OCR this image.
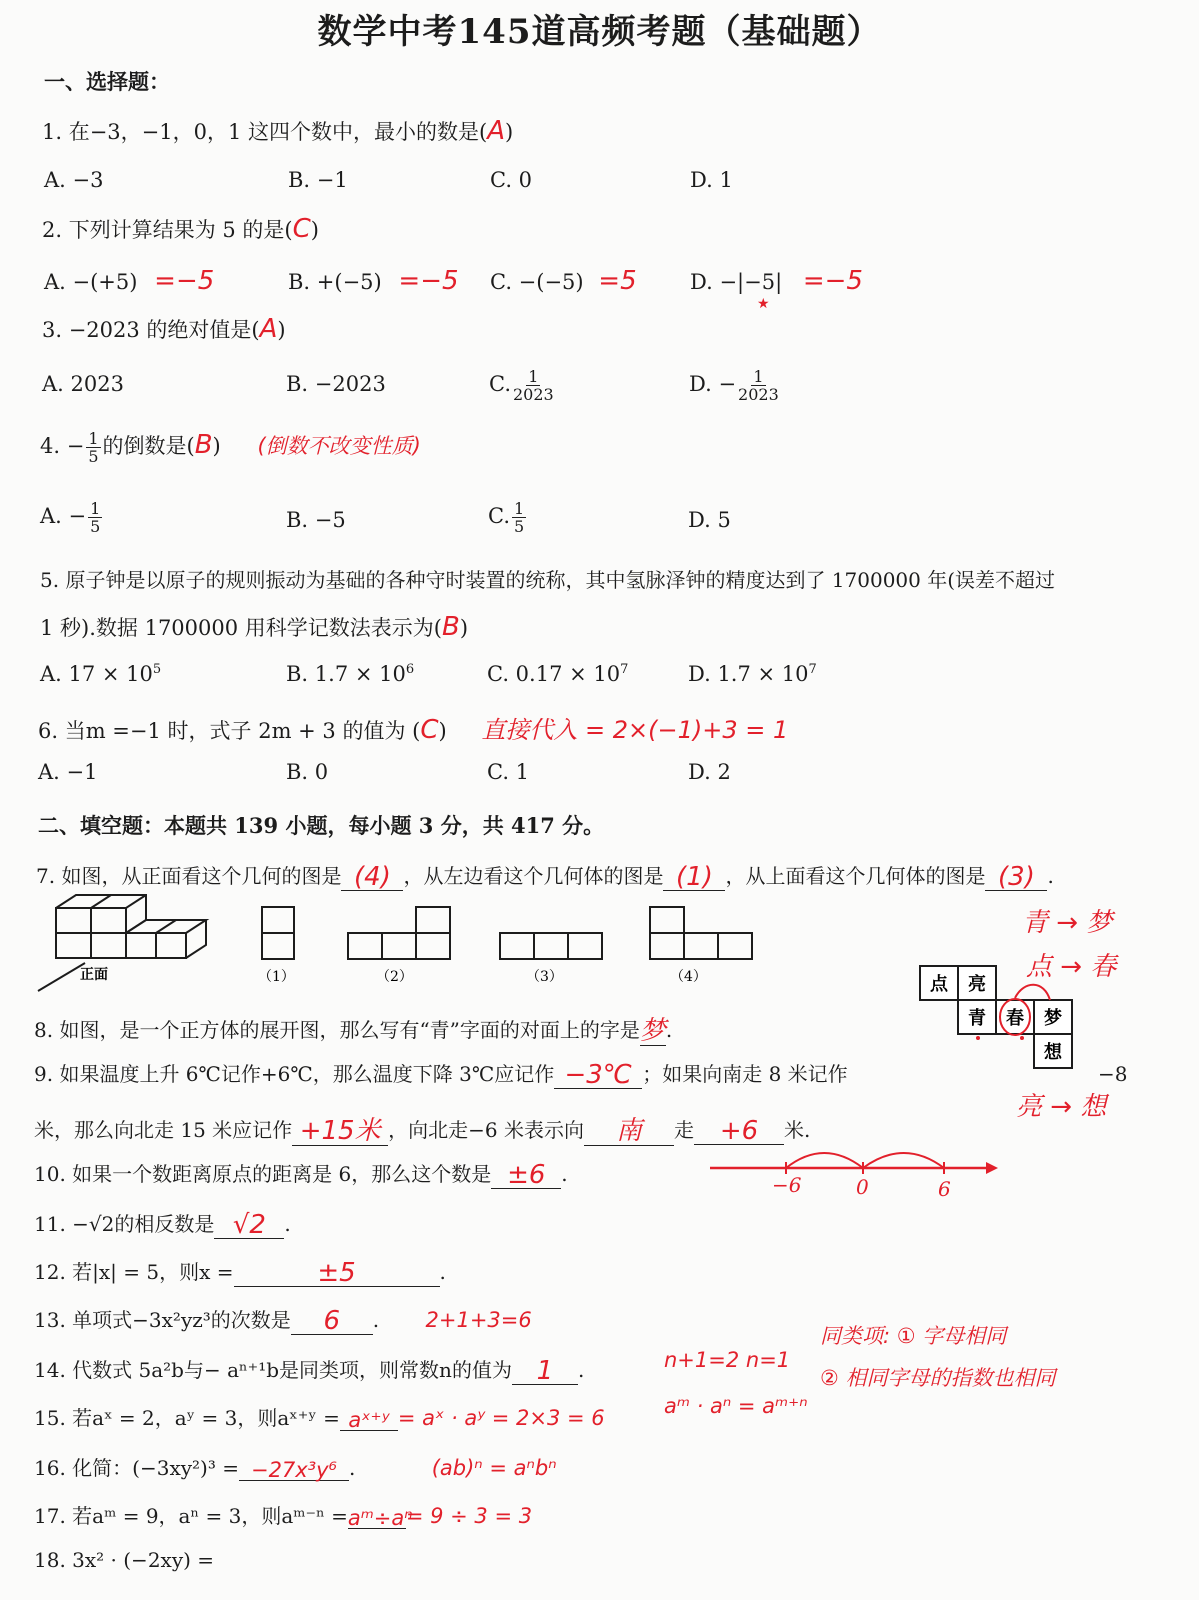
数学中考145道高频考题（基础题）
一、选择题：
1. 在−3，−1，0，1 这四个数中，最小的数是(A)
A. −3	B. −1	C. 0	D. 1
2. 下列计算结果为 5 的是(C)
A. −(+5) =−5	B. +(−5) =−5 C. −(−5) =5	D. −|−5| =−5
★
3. −2023 的绝对值是(A)
A. 2023	B. −2023	C. $\frac{1}{2023}$	D. − $\frac{1}{2023}$
4. − $\frac{1}{5}$ 的倒数是(B) (倒数不改变性质)
A. − $\frac{1}{5}$	B. −5	C. $\frac{1}{5}$	D. 5
5. 原子钟是以原子的规则振动为基础的各种守时装置的统称，其中氢脉泽钟的精度达到了 1700000 年(误差不超过
1 秒).数据 1700000 用科学记数法表示为(B)
A. $17 \times 10^5$	B. $1.7 \times 10^6$	C. $0.17 \times 10^7$	D. $1.7 \times 10^7$
6. 当m =−1 时，式子 2m + 3 的值为 (C) 直接代入 = 2×(−1)+3 = 1
A. −1	B. 0	C. 1	D. 2
二、填空题：本题共 139 小题，每小题 3 分，共 417 分。
7. 如图，从正面看这个几何的图是 (4) ，从左边看这个几何体的图是 (1) ，从上面看这个几何体的图是 (3) .
正面	（1）	（2）	（3）	（4）
8. 如图，是一个正方体的展开图，那么写有“青”字面的对面上的字是梦.
点 亮
青 春 梦
想
青 → 梦
点 → 春
亮 → 想
9. 如果温度上升 6℃记作+6℃，那么温度下降 3℃应记作 −3℃ ；如果向南走 8 米记作	−8
米，那么向北走 15 米应记作 +15米 ，向北走−6 米表示向 南 走 +6 米.
10. 如果一个数距离原点的距离是 6，那么这个数是 ±6 .	−6	0	6
11. −√2的相反数是 √2 .
12. 若|x| = 5，则x =	±5	.
13. 单项式−3x²yz³的次数是 6 . 2+1+3=6
14. 代数式 5a²b与− aⁿ⁺¹b是同类项，则常数n的值为 1 .	n+1=2 n=1
同类项: ① 字母相同
② 相同字母的指数也相同
15. 若aˣ = 2，aʸ = 3，则aˣ⁺ʸ = aˣ⁺ʸ = aˣ · aʸ = 2×3 = 6	aᵐ · aⁿ = aᵐ⁺ⁿ
16. 化简：(−3xy²)³ = −27x³y⁶ .	(ab)ⁿ = aⁿbⁿ
17. 若aᵐ = 9，aⁿ = 3，则aᵐ⁻ⁿ =aᵐ÷aⁿ= 9 ÷ 3 = 3
18. 3x² · (−2xy) =
